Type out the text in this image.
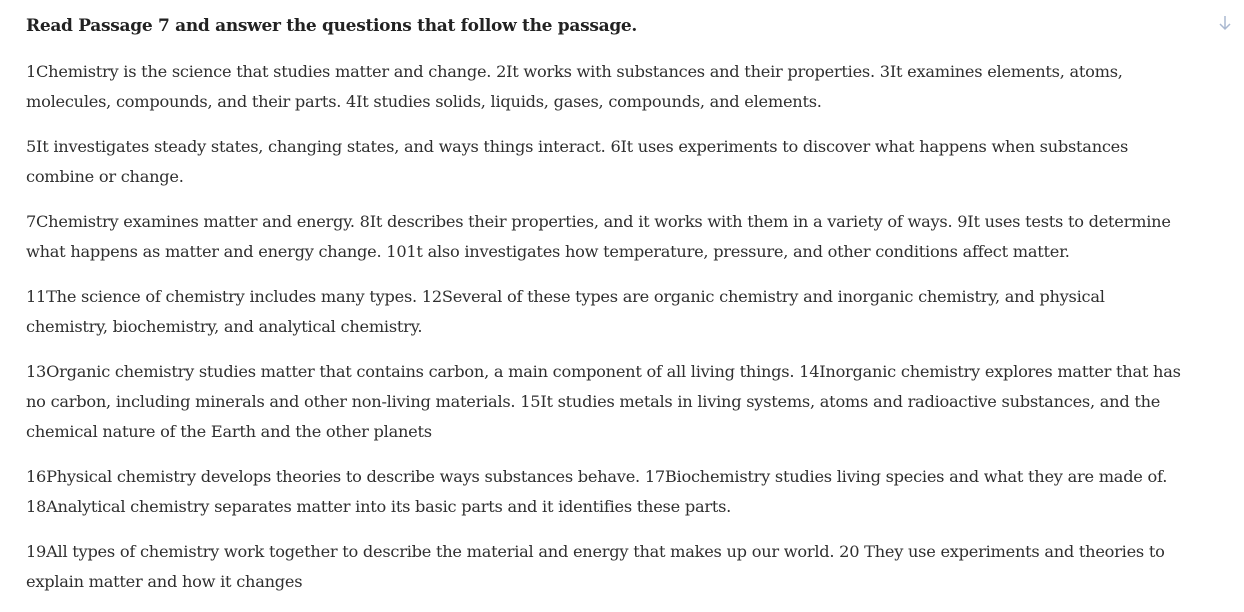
Read Passage 7 and answer the questions that follow the passage.

1Chemistry is the science that studies matter and change. 2It works with substances and their properties. 3It examines elements, atoms,
molecules, compounds, and their parts. 4It studies solids, liquids, gases, compounds, and elements.

5It investigates steady states, changing states, and ways things interact. 6It uses experiments to discover what happens when substances
combine or change.

7Chemistry examines matter and energy. 8It describes their properties, and it works with them in a variety of ways. 9It uses tests to determine
what happens as matter and energy change. 101t also investigates how temperature, pressure, and other conditions affect matter.

11The science of chemistry includes many types. 12Several of these types are organic chemistry and inorganic chemistry, and physical
chemistry, biochemistry, and analytical chemistry.

13Organic chemistry studies matter that contains carbon, a main component of all living things. 14Inorganic chemistry explores matter that has
no carbon, including minerals and other non-living materials. 15It studies metals in living systems, atoms and radioactive substances, and the
chemical nature of the Earth and the other planets

16Physical chemistry develops theories to describe ways substances behave. 17Biochemistry studies living species and what they are made of.
18Analytical chemistry separates matter into its basic parts and it identifies these parts.

19All types of chemistry work together to describe the material and energy that makes up our world. 20 They use experiments and theories to
explain matter and how it changes
